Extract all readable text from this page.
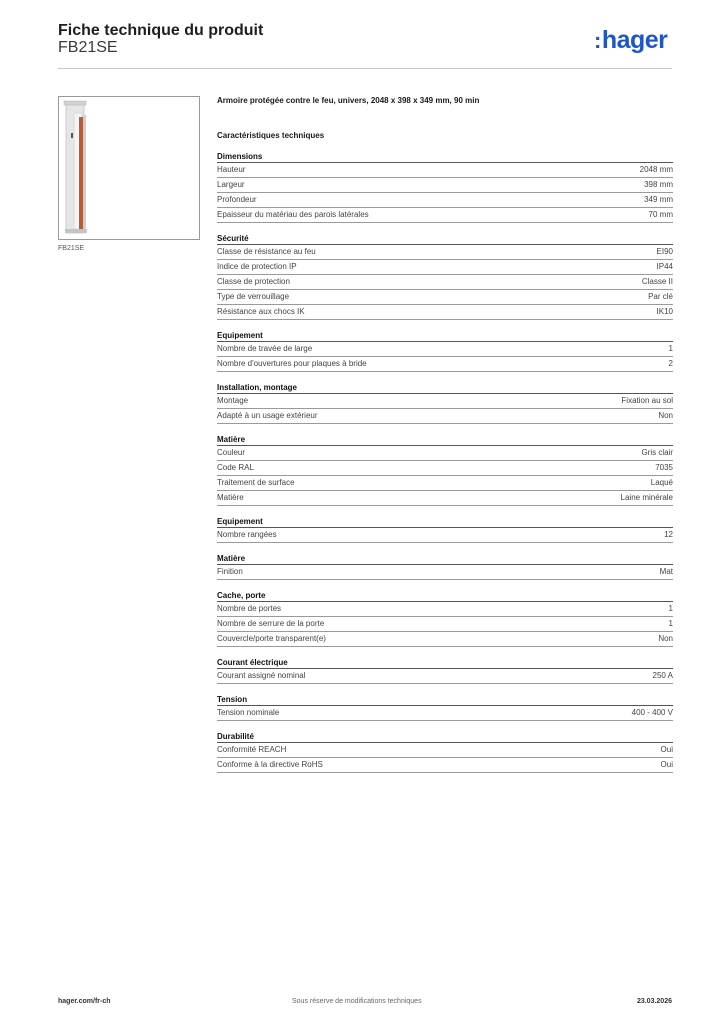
Fiche technique du produit
FB21SE	:hager
FB21SE
Armoire protégée contre le feu, univers, 2048 x 398 x 349 mm, 90 min
Caractéristiques techniques
Dimensions
Hauteur	2048 mm
Largeur	398 mm
Profondeur	349 mm
Epaisseur du matériau des parois latérales	70 mm
Sécurité
Classe de résistance au feu	EI90
Indice de protection IP	IP44
Classe de protection	Classe II
Type de verrouillage	Par clé
Résistance aux chocs IK	IK10
Equipement
Nombre de travée de large	1
Nombre d'ouvertures pour plaques à bride	2
Installation, montage
Montage	Fixation au sol
Adapté à un usage extérieur	Non
Matière
Couleur	Gris clair
Code RAL	7035
Traitement de surface	Laqué
Matière	Laine minérale
Equipement
Nombre rangées	12
Matière
Finition	Mat
Cache, porte
Nombre de portes	1
Nombre de serrure de la porte	1
Couvercle/porte transparent(e)	Non
Courant électrique
Courant assigné nominal	250 A
Tension
Tension nominale	400 - 400 V
Durabilité
Conformité REACH	Oui
Conforme à la directive RoHS	Oui
hager.com/fr-ch	Sous réserve de modifications techniques	23.03.2026
